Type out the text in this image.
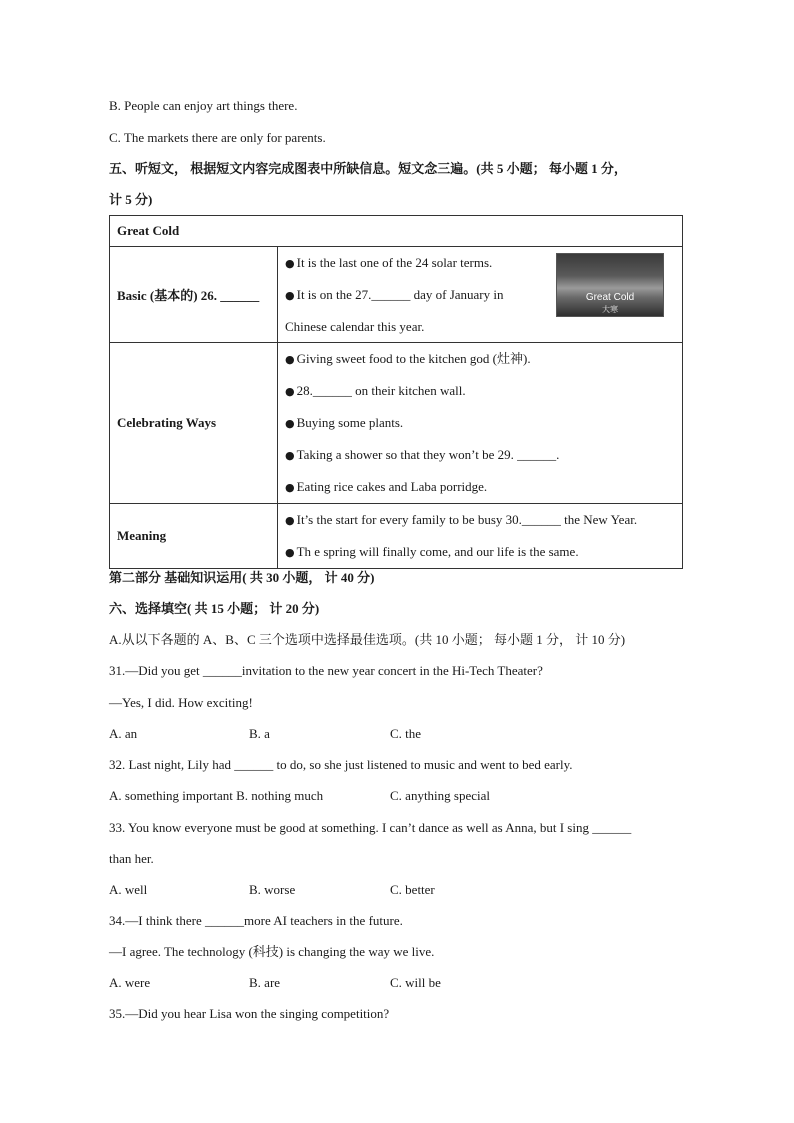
B. People can enjoy art things there.
C. The markets there are only for parents.
五、听短文， 根据短文内容完成图表中所缺信息。短文念三遍。(共 5 小题； 每小题 1 分，
计 5 分)
Great Cold	
Basic (基本的) 26. ______	● It is the last one of the 24 solar terms.
● It is on the 27.______ day of January in
Chinese calendar this year.
Great Cold
大寒

Celebrating Ways	● Giving sweet food to the kitchen god (灶神).
● 28.______ on their kitchen wall.
● Buying some plants.
● Taking a shower so that they won’t be 29. ______.
● Eating rice cakes and Laba porridge.

Meaning	● It’s the start for every family to be busy 30.______ the New Year.
● Th e spring will finally come, and our life is the same.
第二部分 基础知识运用( 共 30 小题， 计 40 分)
六、选择填空( 共 15 小题； 计 20 分)
A.从以下各题的 A、B、C 三个选项中选择最佳选项。(共 10 小题； 每小题 1 分， 计 10 分)
31.—Did you get ______invitation to the new year concert in the Hi-Tech Theater?
—Yes, I did. How exciting!
A. an	B. a	C. the
32. Last night, Lily had ______ to do, so she just listened to music and went to bed early.
A. something important B. nothing much	C. anything special
33. You know everyone must be good at something. I can’t dance as well as Anna, but I sing ______
than her.
A. well	B. worse	C. better
34.—I think there ______more AI teachers in the future.
—I agree. The technology (科技) is changing the way we live.
A. were	B. are	C. will be
35.—Did you hear Lisa won the singing competition?
